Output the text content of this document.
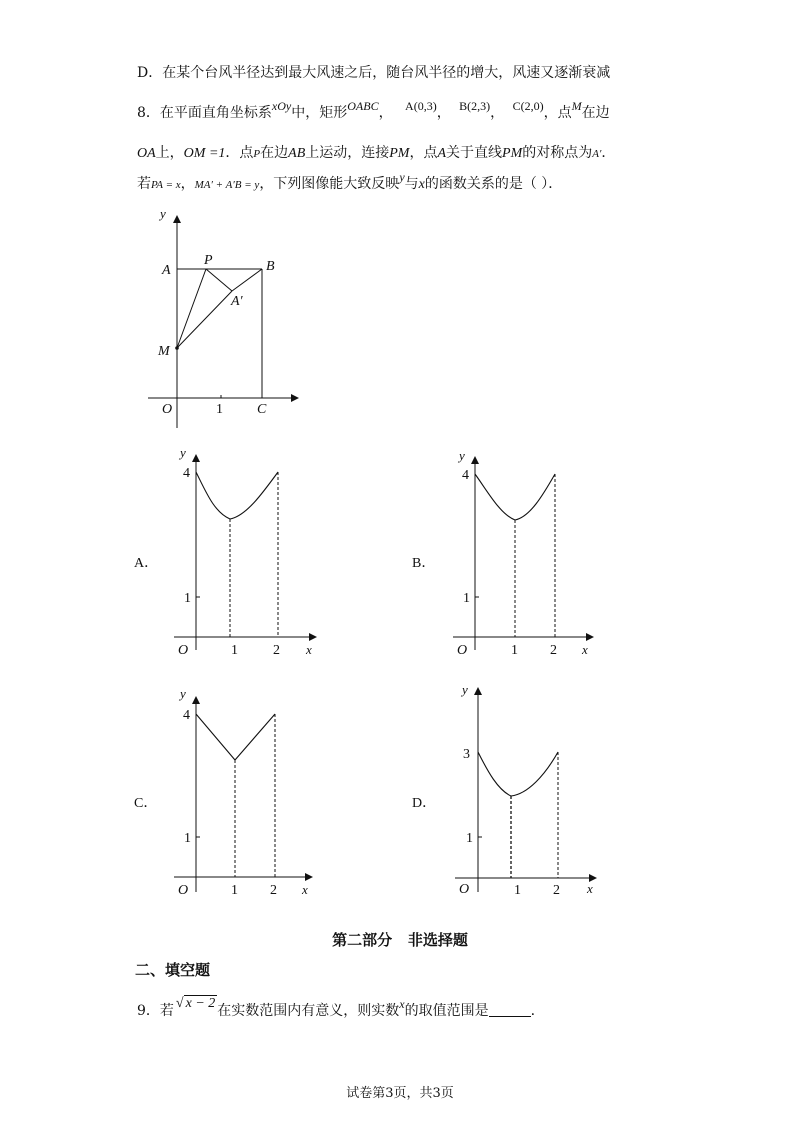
D．在某个台风半径达到最大风速之后，随台风半径的增大，风速又逐渐衰减
8．在平面直角坐标系xOy中，矩形OABC， A(0,3)， B(2,3)， C(2,0)，点M在边
OA上，OM =1．点P在边AB上运动，连接PM，点A关于直线PM的对称点为A′．
若PA = x，MA′ + A′B = y，下列图像能大致反映y与x的函数关系的是（ ）．
y
A	B
P
M
A′
O	1 C
y
4
1
O	1	2 x
y
4
1
O	1 2 x
y
4
1
O	1 2 x
y
3
1
O	1 2 x
A．	B．
C．	D．
第二部分   非选择题
二、填空题
9．若 √ x − 2 在实数范围内有意义，则实数x的取值范围是	.
试卷第3页，共3页
